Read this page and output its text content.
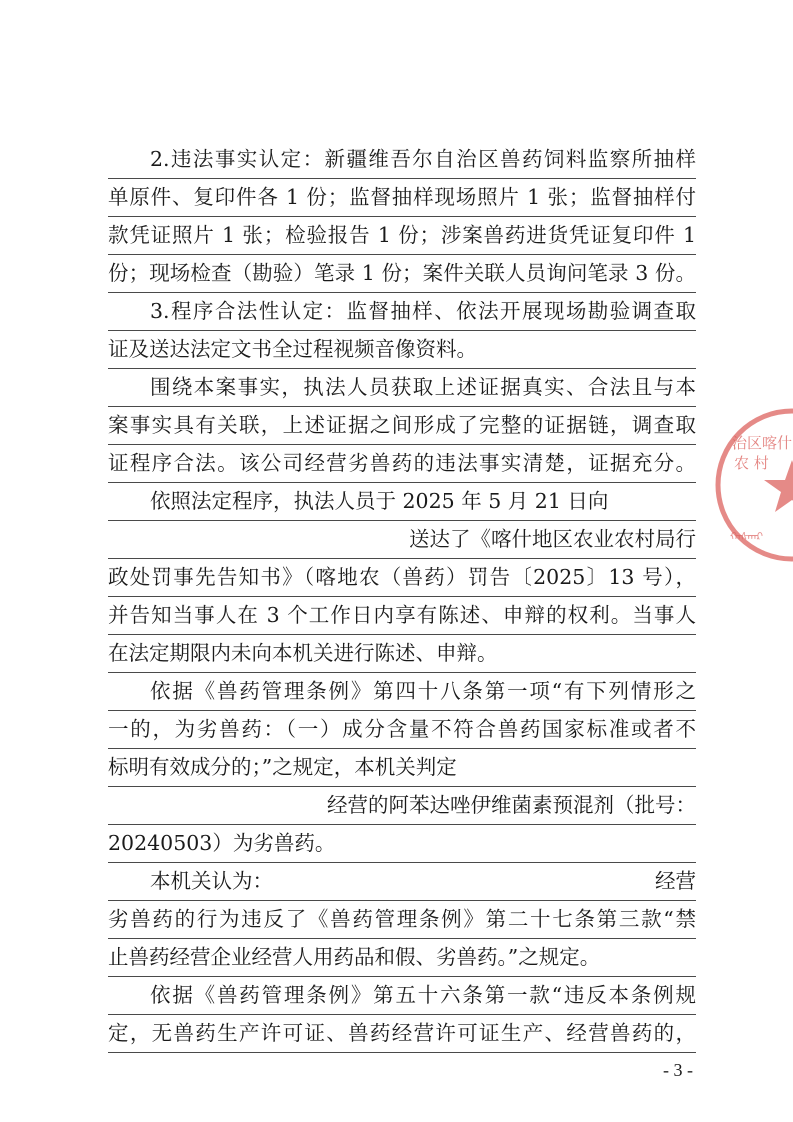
2.违法事实认定：新疆维吾尔自治区兽药饲料监察所抽样
单原件、复印件各 1 份；监督抽样现场照片 1 张；监督抽样付
款凭证照片 1 张；检验报告 1 份；涉案兽药进货凭证复印件 1
份；现场检查（勘验）笔录 1 份；案件关联人员询问笔录 3 份。
3.程序合法性认定：监督抽样、依法开展现场勘验调查取
证及送达法定文书全过程视频音像资料。
围绕本案事实，执法人员获取上述证据真实、合法且与本
案事实具有关联，上述证据之间形成了完整的证据链，调查取
证程序合法。该公司经营劣兽药的违法事实清楚，证据充分。
依照法定程序，执法人员于 2025 年 5 月 21 日向
送达了《喀什地区农业农村局行
政处罚事先告知书》（喀地农（兽药）罚告〔2025〕13 号），
并告知当事人在 3 个工作日内享有陈述、申辩的权利。当事人
在法定期限内未向本机关进行陈述、申辩。
依据《兽药管理条例》第四十八条第一项“有下列情形之
一的，为劣兽药：（一）成分含量不符合兽药国家标准或者不
标明有效成分的；”之规定，本机关判定
经营的阿苯达唑伊维菌素预混剂（批号：
20240503）为劣兽药。
本机关认为：	经营
劣兽药的行为违反了《兽药管理条例》第二十七条第三款“禁
止兽药经营企业经营人用药品和假、劣兽药。”之规定。
依据《兽药管理条例》第五十六条第一款“违反本条例规
定，无兽药生产许可证、兽药经营许可证生产、经营兽药的，
- 3 -
治区喀什
农 村
ᠬᠠᠰᠬᠠᠷ
